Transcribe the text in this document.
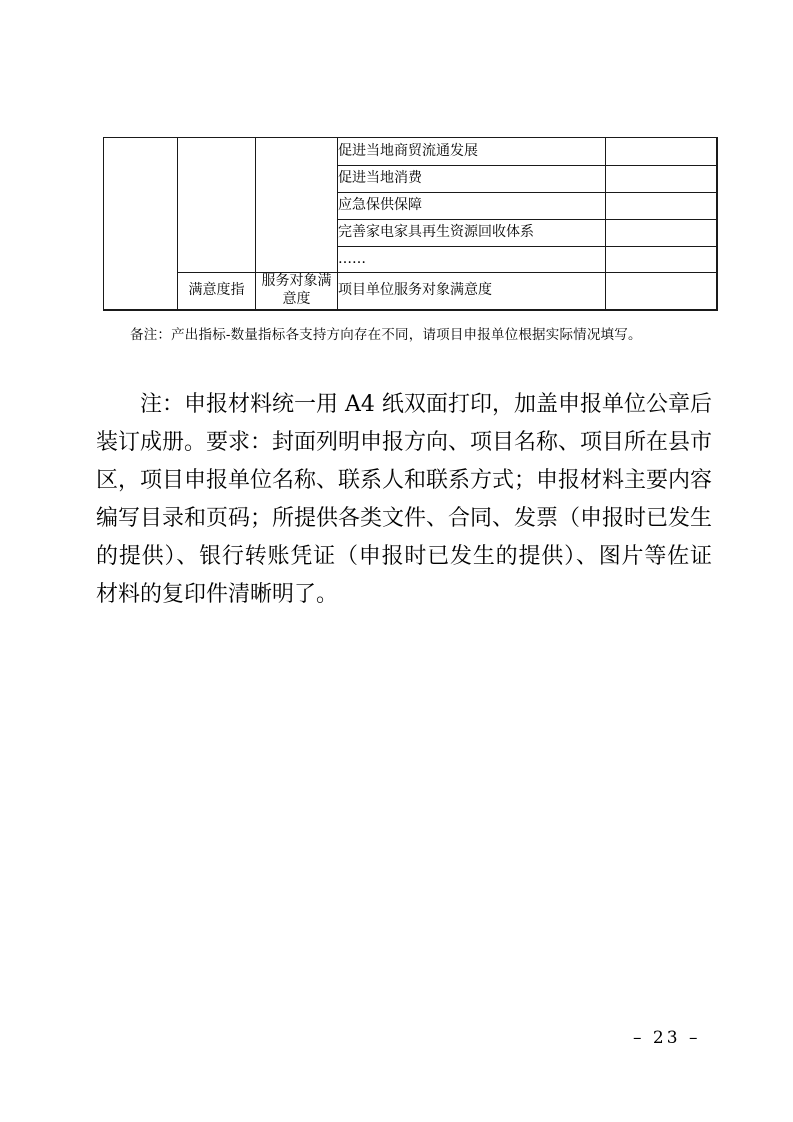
			促进当地商贸流通发展	
			促进当地消费	
			应急保供保障	
			完善家电家具再生资源回收体系	
			……	
	满意度指	服务对象满意度	项目单位服务对象满意度	
备注：产出指标-数量指标各支持方向存在不同，请项目申报单位根据实际情况填写。
注：申报材料统一用 A4 纸双面打印，加盖申报单位公章后
装订成册。要求：封面列明申报方向、项目名称、项目所在县市
区，项目申报单位名称、联系人和联系方式；申报材料主要内容
编写目录和页码；所提供各类文件、合同、发票（申报时已发生
的提供）、银行转账凭证（申报时已发生的提供）、图片等佐证
材料的复印件清晰明了。
– 23 –
